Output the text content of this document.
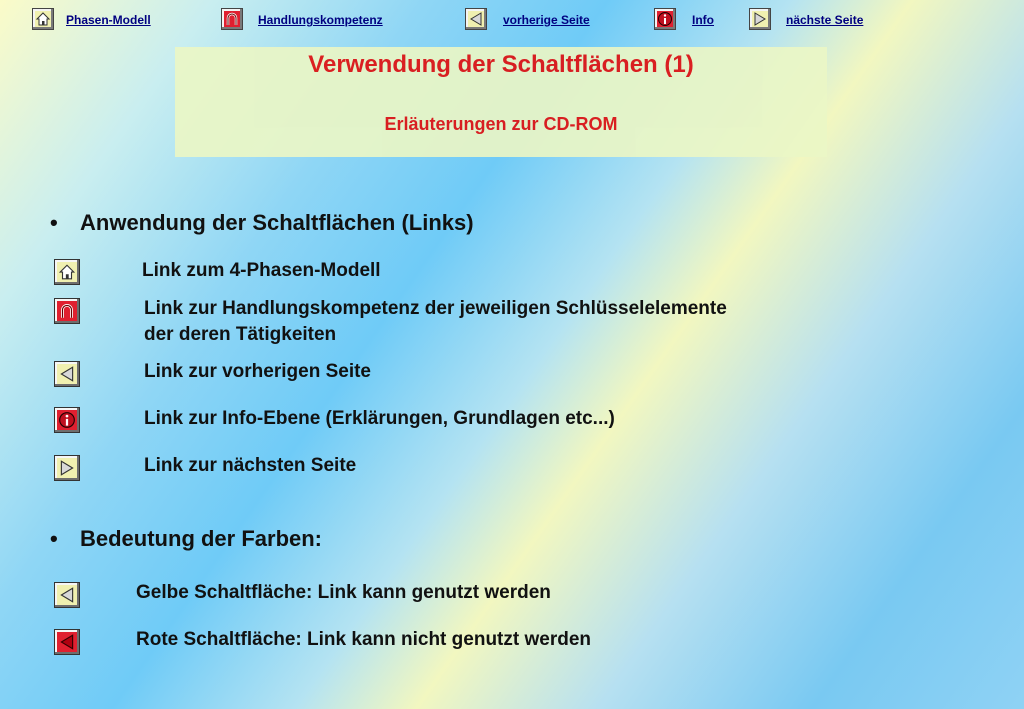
Phasen-Modell	Handlungskompetenz	vorherige Seite	Info	nächste Seite
Verwendung der Schaltflächen (1)
Erläuterungen zur CD-ROM
• Anwendung der Schaltflächen (Links)
Link zum 4-Phasen-Modell
Link zur Handlungskompetenz der jeweiligen Schlüsselelemente
der deren Tätigkeiten
Link zur vorherigen Seite
Link zur Info-Ebene (Erklärungen, Grundlagen etc...)
Link zur nächsten Seite
• Bedeutung der Farben:
Gelbe Schaltfläche: Link kann genutzt werden
Rote Schaltfläche: Link kann nicht genutzt werden
